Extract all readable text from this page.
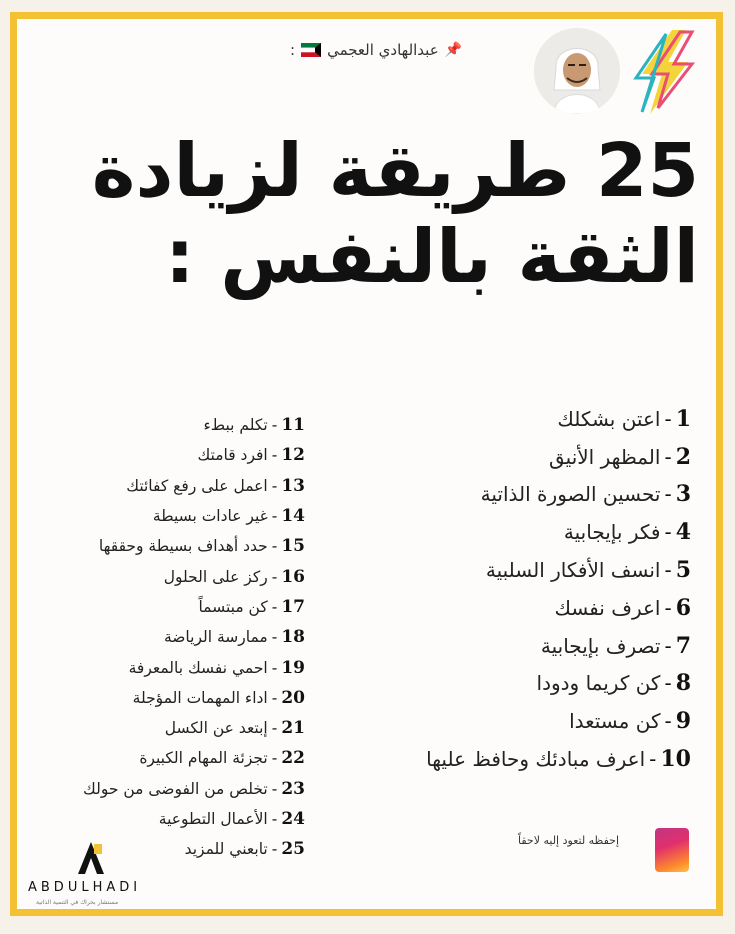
📌
عبدالهادي العجمي
:
25 طريقة لزيادة
الثقة بالنفس :
1
-
اعتن بشكلك
2
-
المظهر الأنيق
3
-
تحسين الصورة الذاتية
4
-
فكر بإيجابية
5
-
انسف الأفكار السلبية
6
-
اعرف نفسك
7
-
تصرف بإيجابية
8
-
كن كريما ودودا
9
-
كن مستعدا
10
-
اعرف مبادئك وحافظ عليها
11
-
تكلم ببطء
12
-
افرد قامتك
13
-
اعمل على رفع كفائتك
14
-
غير عادات بسيطة
15
-
حدد أهداف بسيطة وحققها
16
-
ركز على الحلول
17
-
كن مبتسماً
18
-
ممارسة الرياضة
19
-
احمي نفسك بالمعرفة
20
-
اداء المهمات المؤجلة
21
-
إبتعد عن الكسل
22
-
تجزئة المهام الكبيرة
23
-
تخلص من الفوضى من حولك
24
-
الأعمال التطوعية
25
-
تابعني للمزيد	إحفظه لتعود إليه لاحقاً
ABDULHADI
مستشار بحراك في التنمية الذاتية
